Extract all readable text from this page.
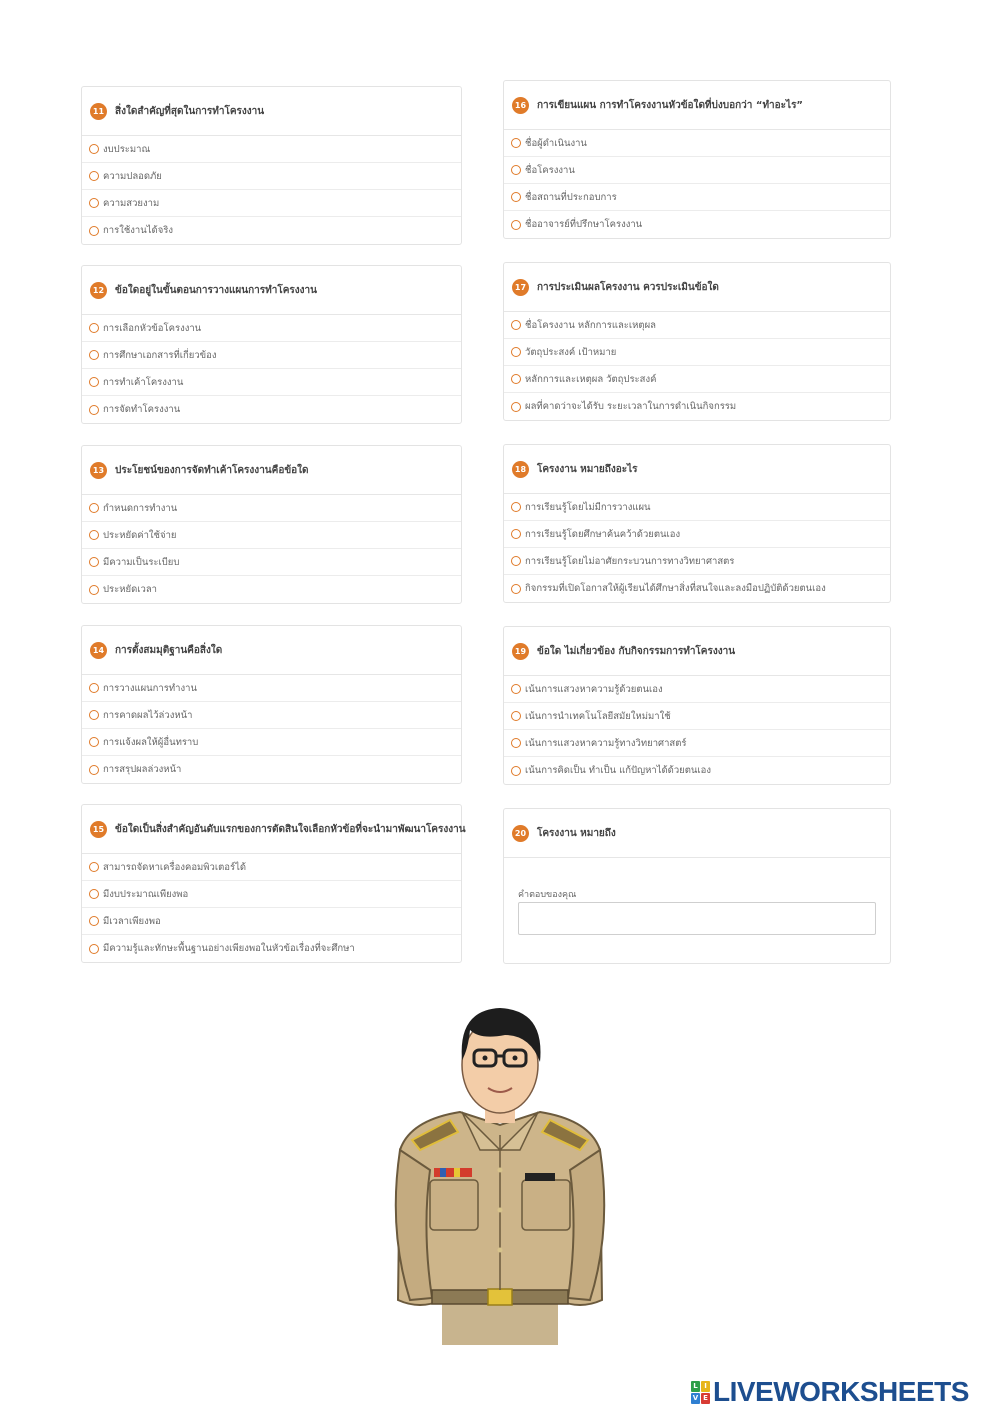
11 สิ่งใดสำคัญที่สุดในการทำโครงงาน
งบประมาณ
ความปลอดภัย
ความสวยงาม
การใช้งานได้จริง
12 ข้อใดอยู่ในขั้นตอนการวางแผนการทำโครงงาน
การเลือกหัวข้อโครงงาน
การศึกษาเอกสารที่เกี่ยวข้อง
การทำเค้าโครงงาน
การจัดทำโครงงาน
13 ประโยชน์ของการจัดทำเค้าโครงงานคือข้อใด
กำหนดการทำงาน
ประหยัดค่าใช้จ่าย
มีความเป็นระเบียบ
ประหยัดเวลา
14 การตั้งสมมุติฐานคือสิ่งใด
การวางแผนการทำงาน
การคาดผลไว้ล่วงหน้า
การแจ้งผลให้ผู้อื่นทราบ
การสรุปผลล่วงหน้า
15 ข้อใดเป็นสิ่งสำคัญอันดับแรกของการตัดสินใจเลือกหัวข้อที่จะนำมาพัฒนาโครงงาน
สามารถจัดหาเครื่องคอมพิวเตอร์ได้
มีงบประมาณเพียงพอ
มีเวลาเพียงพอ
มีความรู้และทักษะพื้นฐานอย่างเพียงพอในหัวข้อเรื่องที่จะศึกษา
16 การเขียนแผน การทำโครงงานหัวข้อใดที่บ่งบอกว่า “ทำอะไร”
ชื่อผู้ดำเนินงาน
ชื่อโครงงาน
ชื่อสถานที่ประกอบการ
ชื่ออาจารย์ที่ปรึกษาโครงงาน
17 การประเมินผลโครงงาน ควรประเมินข้อใด
ชื่อโครงงาน หลักการและเหตุผล
วัตถุประสงค์ เป้าหมาย
หลักการและเหตุผล วัตถุประสงค์
ผลที่คาดว่าจะได้รับ ระยะเวลาในการดำเนินกิจกรรม
18 โครงงาน หมายถึงอะไร
การเรียนรู้โดยไม่มีการวางแผน
การเรียนรู้โดยศึกษาค้นคว้าด้วยตนเอง
การเรียนรู้โดยไม่อาศัยกระบวนการทางวิทยาศาสตร
กิจกรรมที่เปิดโอกาสให้ผู้เรียนได้ศึกษาสิ่งที่สนใจและลงมือปฏิบัติด้วยตนเอง
19 ข้อใด ไม่เกี่ยวข้อง กับกิจกรรมการทำโครงงาน
เน้นการแสวงหาความรู้ด้วยตนเอง
เน้นการนำเทคโนโลยีสมัยใหม่มาใช้
เน้นการแสวงหาความรู้ทางวิทยาศาสตร์
เน้นการคิดเป็น ทำเป็น แก้ปัญหาได้ด้วยตนเอง
20 โครงงาน หมายถึง
คำตอบของคุณ
L I
V E LIVEWORKSHEETS
